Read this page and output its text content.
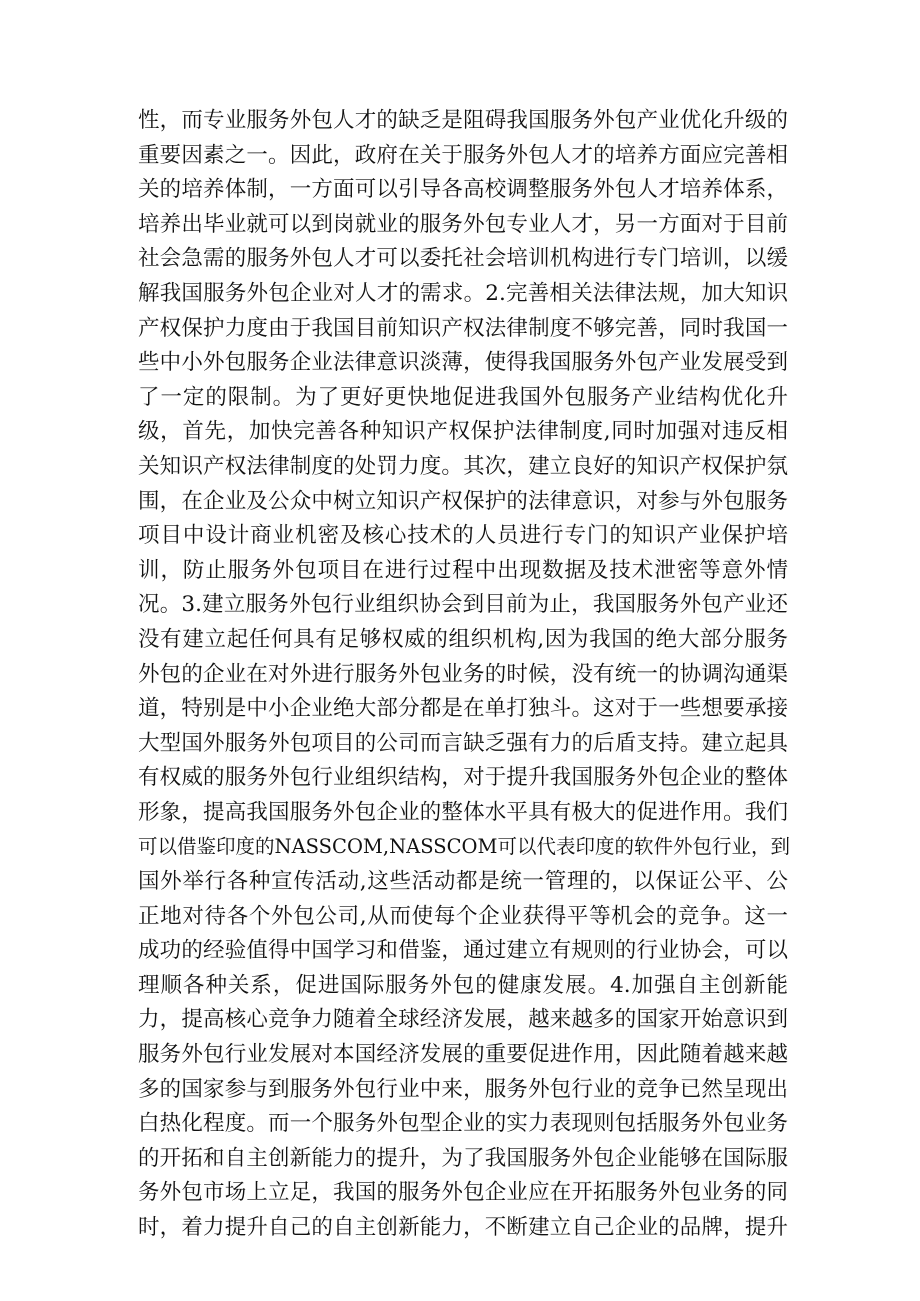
性，而专业服务外包人才的缺乏是阻碍我国服务外包产业优化升级的
重要因素之一。因此，政府在关于服务外包人才的培养方面应完善相
关的培养体制，一方面可以引导各高校调整服务外包人才培养体系，
培养出毕业就可以到岗就业的服务外包专业人才，另一方面对于目前
社会急需的服务外包人才可以委托社会培训机构进行专门培训，以缓
解我国服务外包企业对人才的需求。2.完善相关法律法规，加大知识
产权保护力度由于我国目前知识产权法律制度不够完善，同时我国一
些中小外包服务企业法律意识淡薄，使得我国服务外包产业发展受到
了一定的限制。为了更好更快地促进我国外包服务产业结构优化升
级，首先，加快完善各种知识产权保护法律制度,同时加强对违反相
关知识产权法律制度的处罚力度。其次，建立良好的知识产权保护氛
围，在企业及公众中树立知识产权保护的法律意识，对参与外包服务
项目中设计商业机密及核心技术的人员进行专门的知识产业保护培
训，防止服务外包项目在进行过程中出现数据及技术泄密等意外情
况。3.建立服务外包行业组织协会到目前为止，我国服务外包产业还
没有建立起任何具有足够权威的组织机构,因为我国的绝大部分服务
外包的企业在对外进行服务外包业务的时候，没有统一的协调沟通渠
道，特别是中小企业绝大部分都是在单打独斗。这对于一些想要承接
大型国外服务外包项目的公司而言缺乏强有力的后盾支持。建立起具
有权威的服务外包行业组织结构，对于提升我国服务外包企业的整体
形象，提高我国服务外包企业的整体水平具有极大的促进作用。我们
可以借鉴印度的NASSCOM,NASSCOM可以代表印度的软件外包行业，到
国外举行各种宣传活动,这些活动都是统一管理的，以保证公平、公
正地对待各个外包公司,从而使每个企业获得平等机会的竞争。这一
成功的经验值得中国学习和借鉴，通过建立有规则的行业协会，可以
理顺各种关系，促进国际服务外包的健康发展。4.加强自主创新能
力，提高核心竞争力随着全球经济发展，越来越多的国家开始意识到
服务外包行业发展对本国经济发展的重要促进作用，因此随着越来越
多的国家参与到服务外包行业中来，服务外包行业的竞争已然呈现出
白热化程度。而一个服务外包型企业的实力表现则包括服务外包业务
的开拓和自主创新能力的提升，为了我国服务外包企业能够在国际服
务外包市场上立足，我国的服务外包企业应在开拓服务外包业务的同
时，着力提升自己的自主创新能力，不断建立自己企业的品牌，提升
